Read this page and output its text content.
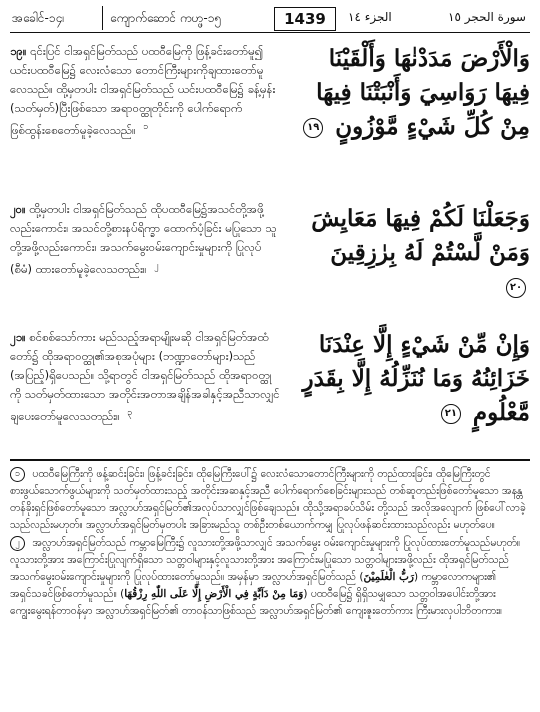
အခေါင်-၁၄၊	ကျောက်ဆောင် ကဟ္ဖ-၁၅	1439	الجزء ١٤	سورة الحجر ١٥
၁၉။ ၎င်းပြင် ငါအရှင်မြတ်သည် ပထဝီမြေကို ဖြန့်ခင်းတော်မူ၍ ယင်းပထဝီမြေ၌ လေးလံသော တောင်ကြီးများကိုချထားတော်မူလေသည်။ ထို့မှတပါး ငါအရှင်မြတ်သည် ယင်းပထဝီမြေ၌ ခန့်မှန်း (သတ်မှတ်)ပြီးဖြစ်သော အရာဝတ္ထုတိုင်းကို ပေါက်ရောက် ဖြစ်ထွန်းစေတော်မူခဲ့လေသည်။ $^၁$
وَالْأَرْضَ مَدَدْنٰهَا وَأَلْقَيْنَا فِيهَا رَوَاسِيَ وَأَنْبَتْنَا فِيهَا مِنْ كُلِّ شَيْءٍ مَّوْزُونٍ ١٩
၂၀။ ထို့မှတပါး ငါအရှင်မြတ်သည် ထိုပထဝီမြေ၌အသင်တို့အဖို့လည်းကောင်း၊ အသင်တို့စားနပ်ရိက္ခာ ထောက်ပံ့ခြင်း မပြုသော သူတို့အဖို့လည်းကောင်း၊ အသက်မွေးဝမ်းကျောင်းမှုများကို ပြုလုပ် (စီမံ) ထားတော်မူခဲ့လေသတည်း။ $^၂$
وَجَعَلْنَا لَكُمْ فِيهَا مَعَايِشَ وَمَنْ لَّسْتُمْ لَهُ بِرٰزِقِينَ ٢٠
၂၁။ စင်စစ်သော်ကား မည်သည့်အရာမျိုးမဆို ငါအရှင်မြတ်အထံတော်၌ ထိုအရာဝတ္ထု၏အစုအပုံများ (ဘဏ္ဍာတော်များ)သည် (အပြည့်)ရှိပေသည်။ သို့ရာတွင် ငါအရှင်မြတ်သည် ထိုအရာဝတ္ထုကို သတ်မှတ်ထားသော အတိုင်းအတာအချိန်အခါနှင့်အညီသာလျှင် ချပေးတော်မူလေသတည်း။ $^၃$
وَإِنْ مِّنْ شَيْءٍ إِلَّا عِنْدَنَا خَزَائِنُهُ وَمَا نُنَزِّلُهُ إِلَّا بِقَدَرٍ مَّعْلُومٍ ٢١

၁ ပထဝီမြေကြီးကို ဖန့်ဆင်းခြင်း၊ ဖြန့်ခင်းခြင်း၊ ထိုမြေကြီးပေါ်၌ လေးလံသောတောင်ကြီးများကို တည်ထားခြင်း၊ ထိုမြေကြီးတွင် စားဖွယ်သောက်ဖွယ်များကို သတ်မှတ်ထားသည့် အတိုင်းအဆနှင့်အညီ ပေါက်ရောက်စေခြင်းများသည် တစ်ဆူတည်းဖြစ်တော်မူသော အနန္တတန်ခိုးရှင်ဖြစ်တော်မူသော အလ္လာဟ်အရှင်မြတ်၏အလုပ်သာလျှင်ဖြစ်ချေသည်။ ထိုသို့အရာခပ်သိမ်း တို့သည် အလိုအလျောက် ဖြစ်ပေါ်လာခဲ့သည်လည်းမဟုတ်။ အလ္လာဟ်အရှင်မြတ်မှတပါး အခြားမည်သူ တစ်ဦးတစ်ယောက်ကမျှ ပြုလုပ်ဖန်ဆင်းထားသည်လည်း မဟုတ်ပေ။

၂ အလ္လာဟ်အရှင်မြတ်သည် ကမ္ဘာမြေကြီး၌ လူသားတို့အဖို့သာလျှင် အသက်မွေး ဝမ်းကျောင်းမှုများကို ပြုလုပ်ထားတော်မူသည်မဟုတ်။ လူသားတို့အား အကြောင်းပြုလျက်ရှိသော သတ္တဝါများနှင့်လူသားတို့အား အကြောင်းမပြုသော သတ္တဝါများအဖို့လည်း ထိုအရှင်မြတ်သည် အသက်မွေးဝမ်းကျောင်းမှုများကို ပြုလုပ်ထားတော်မူသည်။ အမှန်မှာ အလ္လာဟ်အရှင်မြတ်သည် (رَبُّ الْعٰلَمِيْنَ) ကမ္ဘာလောကများ၏ အရှင်သခင်ဖြစ်တော်မူသည်။ (وَمَا مِنْ دَآبَّةٍ فِي الْأَرْضِ إِلَّا عَلَى اللّٰهِ رِزْقُهَا) ပထဝီမြေ၌ ရှိရှိသမျှသော သတ္တဝါအပေါင်းတို့အား ကျွေးမွေးရန်တာဝန်မှာ အလ္လာဟ်အရှင်မြတ်၏ တာဝန်သာဖြစ်သည် အလ္လာဟ်အရှင်မြတ်၏ ကျေးဇူးတော်ကား ကြီးမားလှပါဘိတကား။
